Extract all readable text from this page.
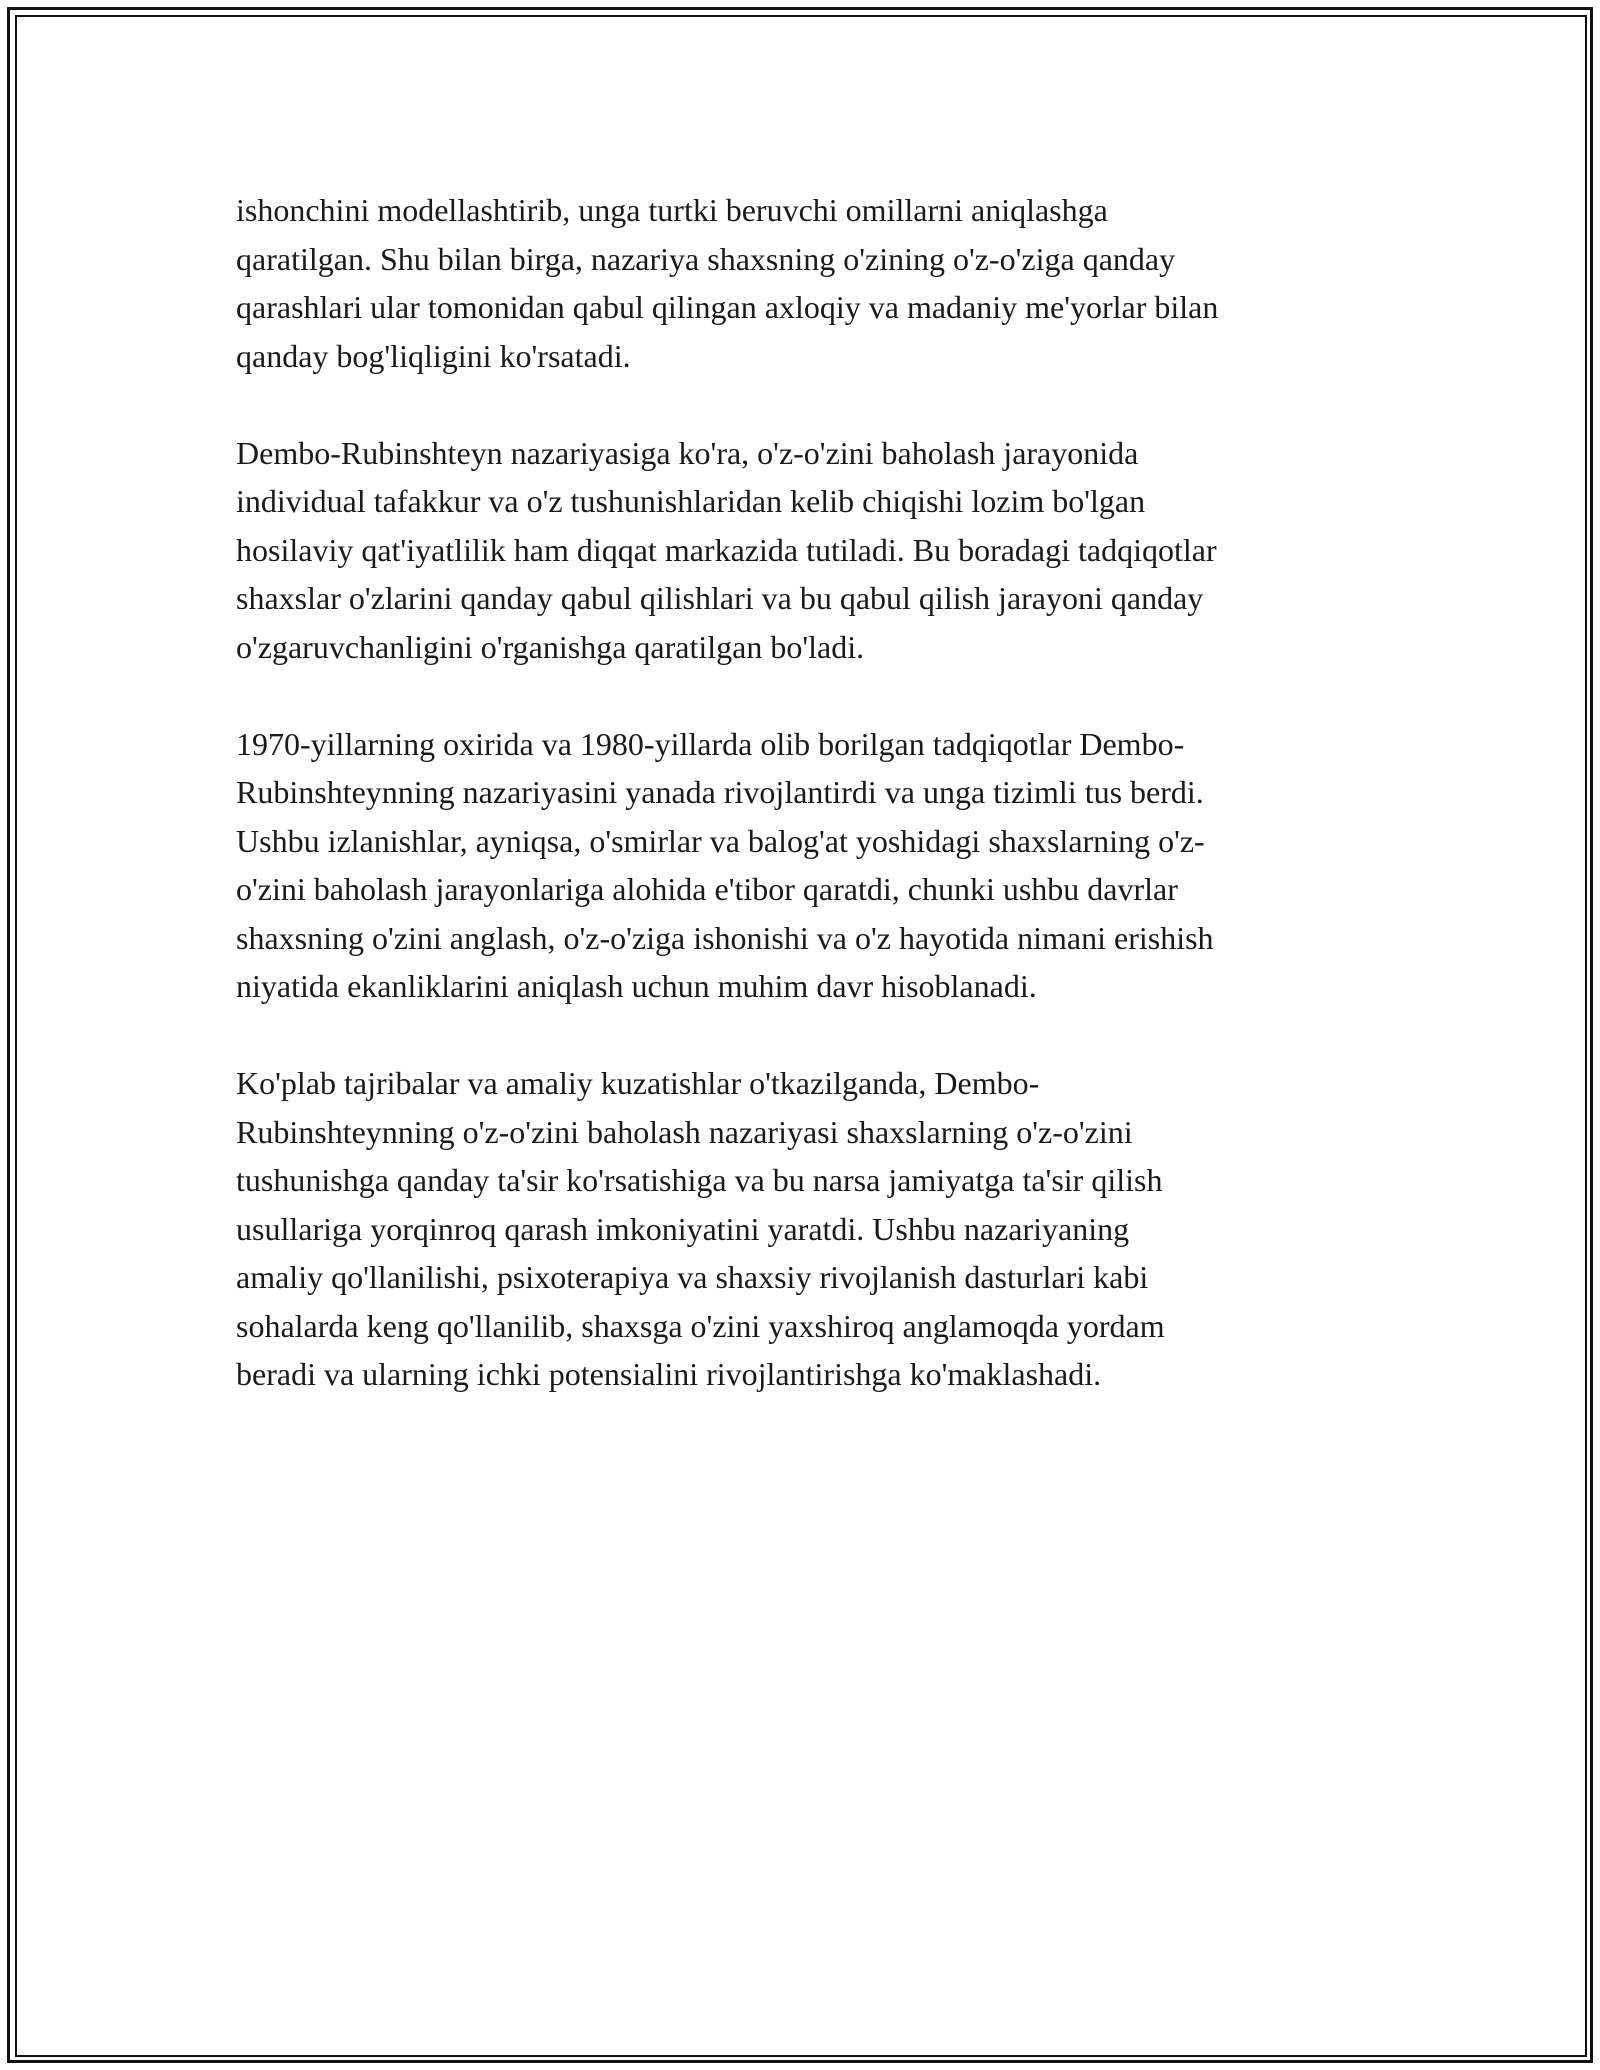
ishonchini modellashtirib, unga turtki beruvchi omillarni aniqlashga
qaratilgan. Shu bilan birga, nazariya shaxsning o'zining o'z-o'ziga qanday
qarashlari ular tomonidan qabul qilingan axloqiy va madaniy me'yorlar bilan
qanday bog'liqligini ko'rsatadi.

Dembo-Rubinshteyn nazariyasiga ko'ra, o'z-o'zini baholash jarayonida
individual tafakkur va o'z tushunishlaridan kelib chiqishi lozim bo'lgan
hosilaviy qat'iyatlilik ham diqqat markazida tutiladi. Bu boradagi tadqiqotlar
shaxslar o'zlarini qanday qabul qilishlari va bu qabul qilish jarayoni qanday
o'zgaruvchanligini o'rganishga qaratilgan bo'ladi.

1970-yillarning oxirida va 1980-yillarda olib borilgan tadqiqotlar Dembo-
Rubinshteynning nazariyasini yanada rivojlantirdi va unga tizimli tus berdi.
Ushbu izlanishlar, ayniqsa, o'smirlar va balog'at yoshidagi shaxslarning o'z-
o'zini baholash jarayonlariga alohida e'tibor qaratdi, chunki ushbu davrlar
shaxsning o'zini anglash, o'z-o'ziga ishonishi va o'z hayotida nimani erishish
niyatida ekanliklarini aniqlash uchun muhim davr hisoblanadi.

Ko'plab tajribalar va amaliy kuzatishlar o'tkazilganda, Dembo-
Rubinshteynning o'z-o'zini baholash nazariyasi shaxslarning o'z-o'zini
tushunishga qanday ta'sir ko'rsatishiga va bu narsa jamiyatga ta'sir qilish
usullariga yorqinroq qarash imkoniyatini yaratdi. Ushbu nazariyaning
amaliy qo'llanilishi, psixoterapiya va shaxsiy rivojlanish dasturlari kabi
sohalarda keng qo'llanilib, shaxsga o'zini yaxshiroq anglamoqda yordam
beradi va ularning ichki potensialini rivojlantirishga ko'maklashadi.
